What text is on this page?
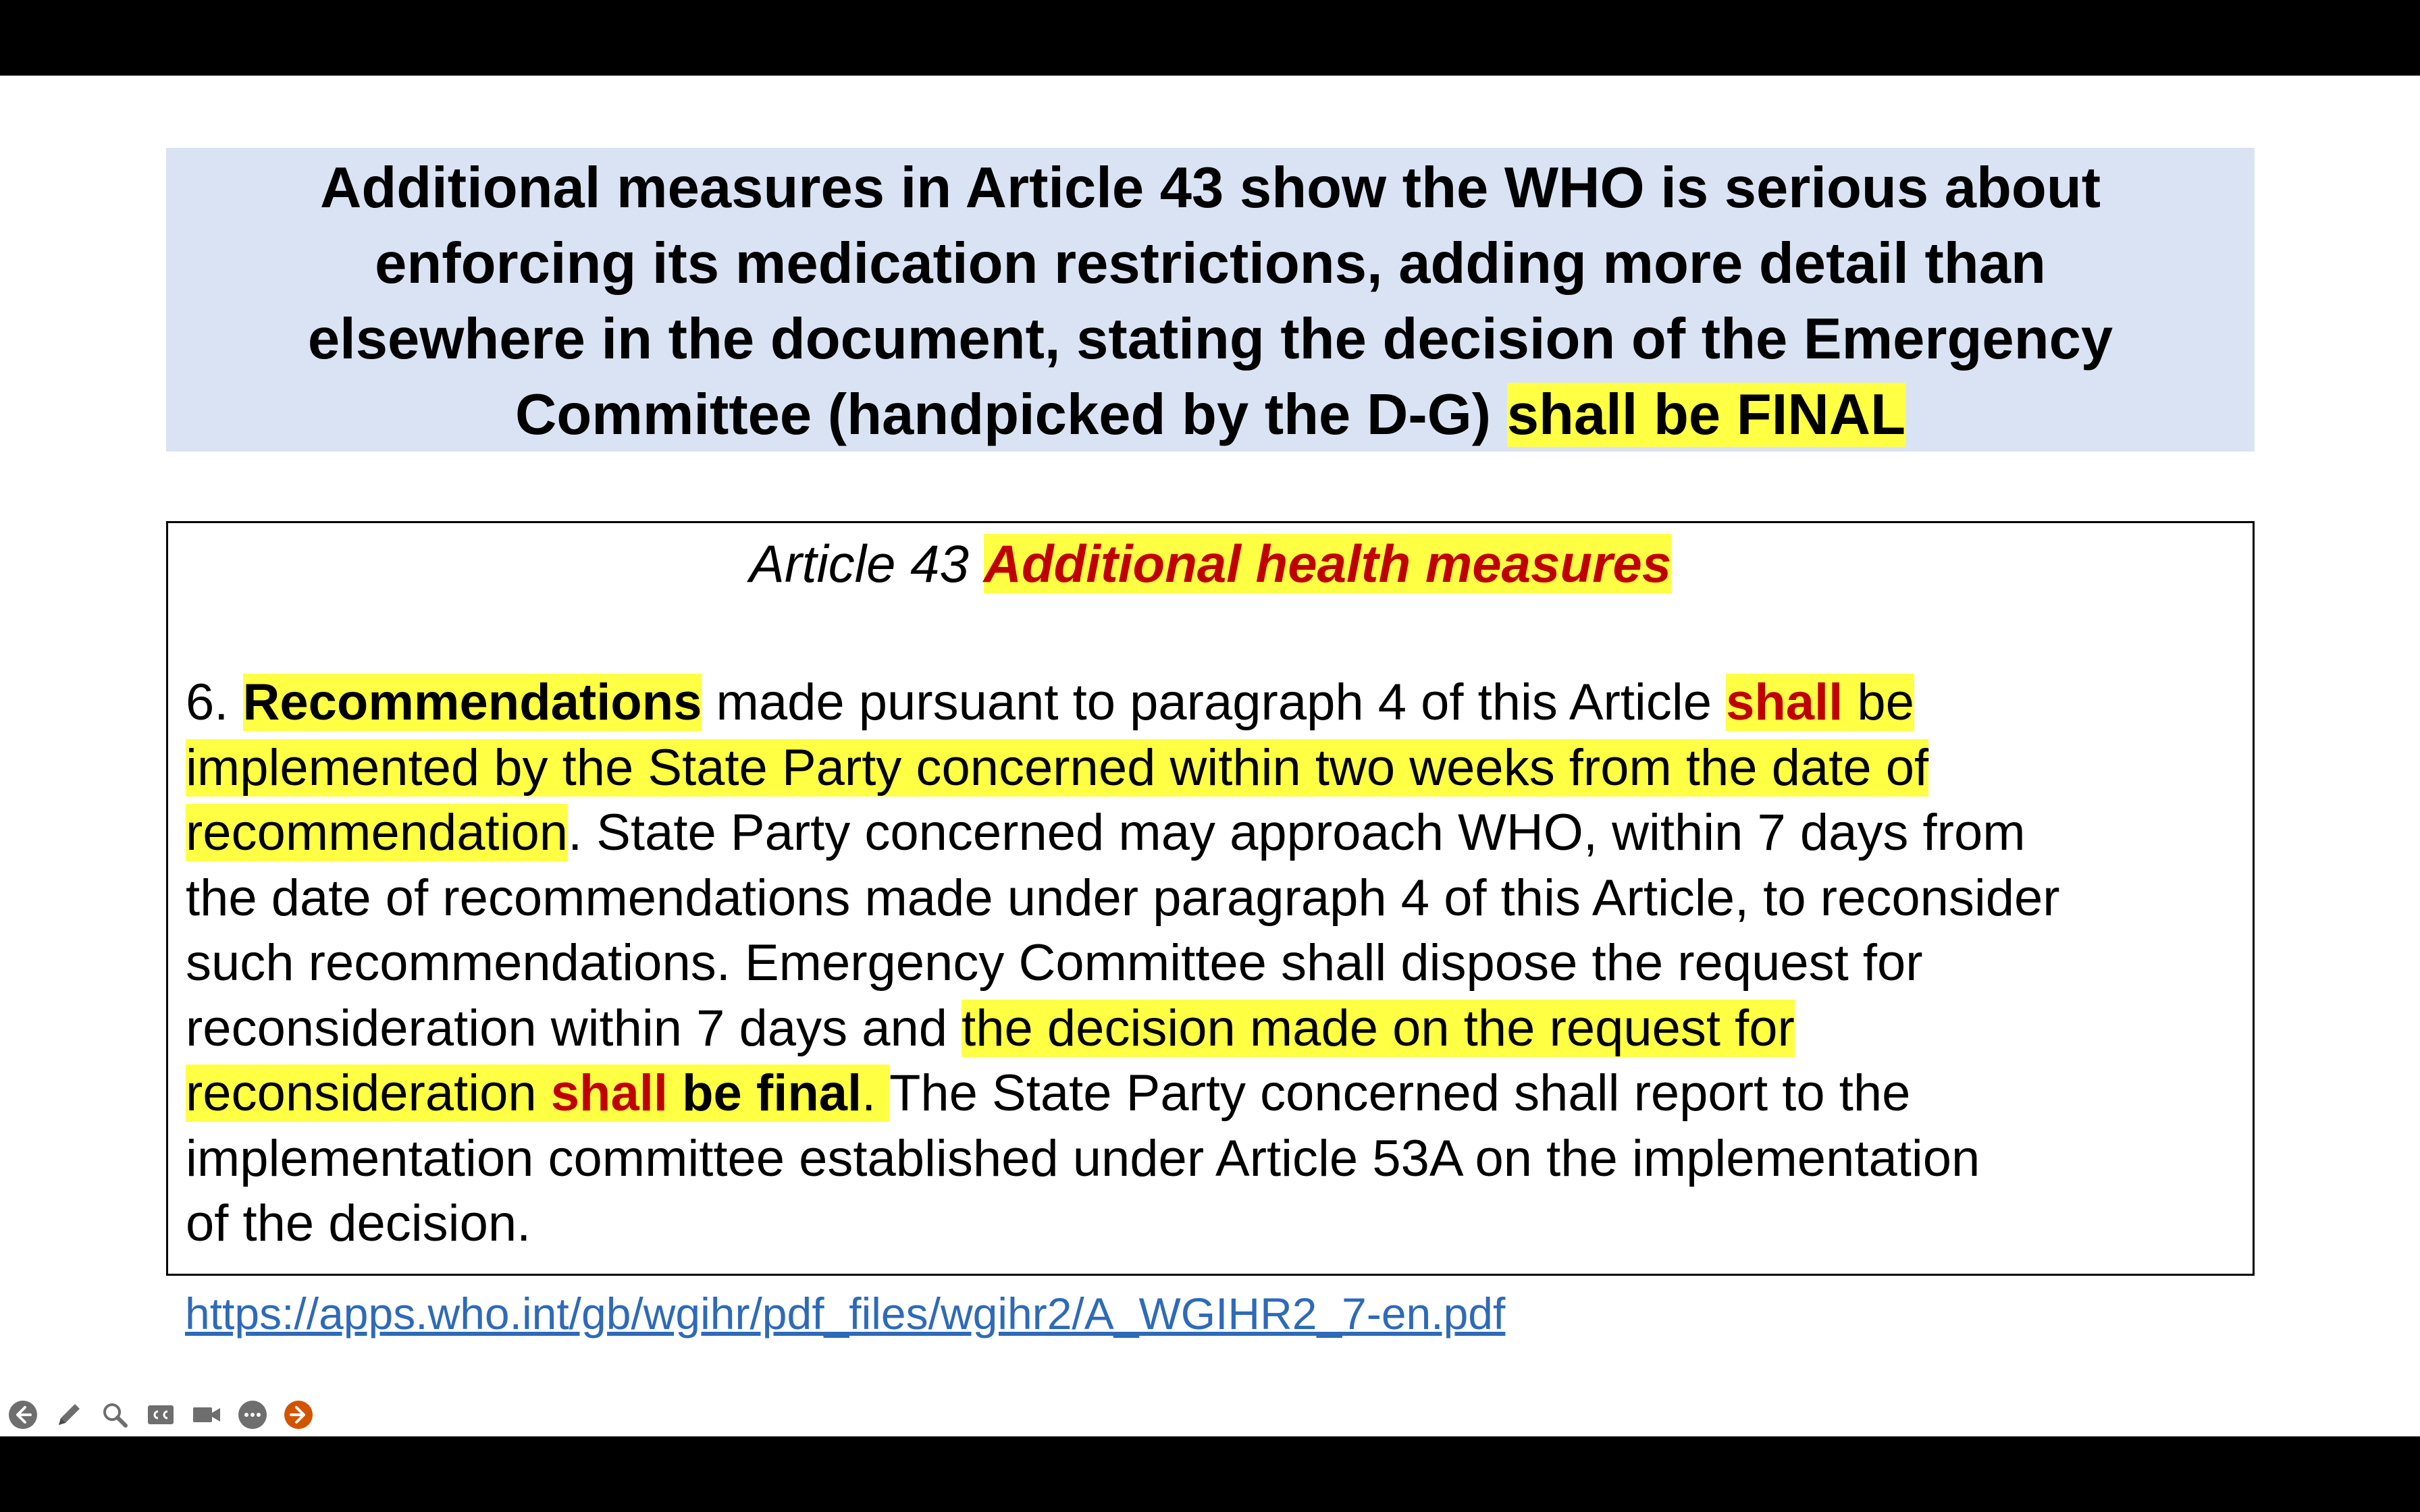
Additional measures in Article 43 show the WHO is serious about
enforcing its medication restrictions, adding more detail than
elsewhere in the document, stating the decision of the Emergency
Committee (handpicked by the D-G) shall be FINAL
Article 43 Additional health measures
6. Recommendations made pursuant to paragraph 4 of this Article shall be
implemented by the State Party concerned within two weeks from the date of
recommendation. State Party concerned may approach WHO, within 7 days from
the date of recommendations made under paragraph 4 of this Article, to reconsider
such recommendations. Emergency Committee shall dispose the request for
reconsideration within 7 days and the decision made on the request for
reconsideration shall be final. The State Party concerned shall report to the
implementation committee established under Article 53A on the implementation
of the decision.
https://apps.who.int/gb/wgihr/pdf_files/wgihr2/A_WGIHR2_7-en.pdf
